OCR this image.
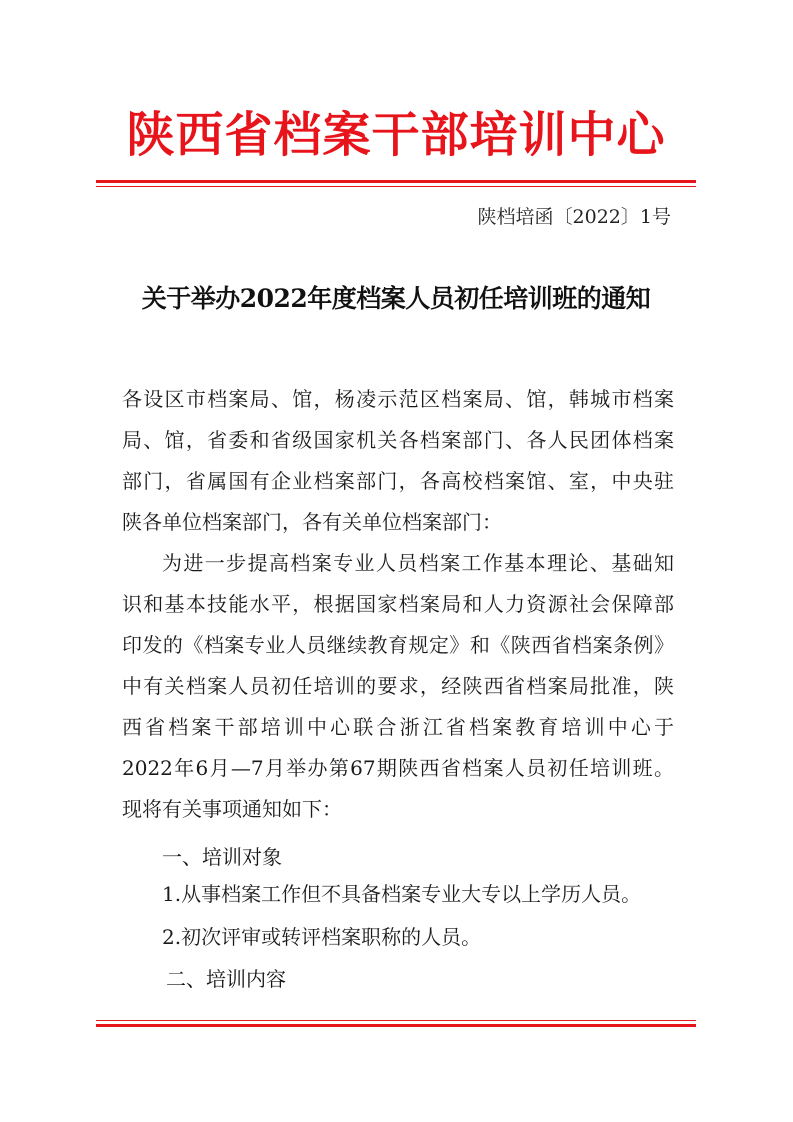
陕西省档案干部培训中心
陕档培函〔2022〕1号
关于举办2022年度档案人员初任培训班的通知
各设区市档案局、馆，杨凌示范区档案局、馆，韩城市档案
局、馆，省委和省级国家机关各档案部门、各人民团体档案
部门，省属国有企业档案部门，各高校档案馆、室，中央驻
陕各单位档案部门，各有关单位档案部门：
为进一步提高档案专业人员档案工作基本理论、基础知
识和基本技能水平，根据国家档案局和人力资源社会保障部
印发的《档案专业人员继续教育规定》和《陕西省档案条例》
中有关档案人员初任培训的要求，经陕西省档案局批准，陕
西省档案干部培训中心联合浙江省档案教育培训中心于
2022年6月—7月举办第67期陕西省档案人员初任培训班。
现将有关事项通知如下：
一、培训对象
1.从事档案工作但不具备档案专业大专以上学历人员。
2.初次评审或转评档案职称的人员。
二、培训内容
